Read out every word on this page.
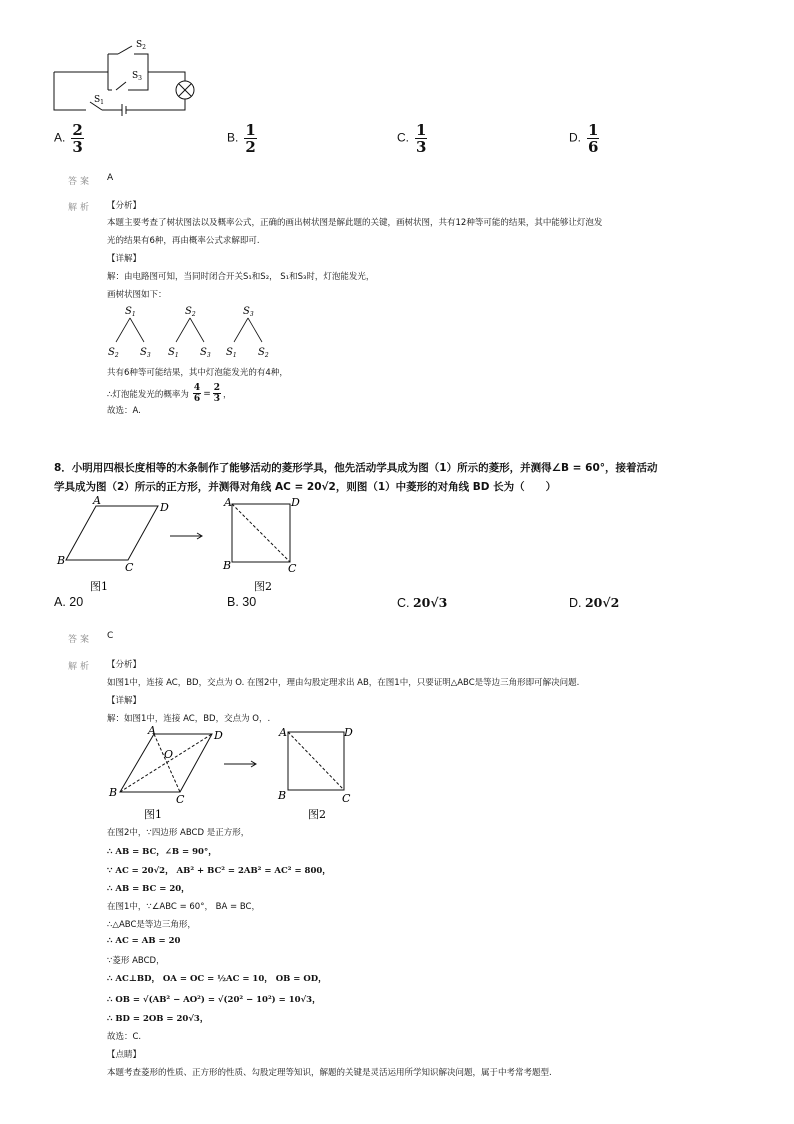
$S_2$
$S_3$
$S_1$
A. $\frac{2}{3}$	B. $\frac{1}{2}$	C. $\frac{1}{3}$	D. $\frac{1}{6}$
答案 A
解析 【分析】
本题主要考查了树状图法以及概率公式，正确的画出树状图是解此题的关键，画树状图，共有12种等可能的结果，其中能够让灯泡发
光的结果有6种，再由概率公式求解即可.
【详解】
解：由电路图可知，当同时闭合开关S₁和S₂， S₁和S₃时，灯泡能发光，
画树状图如下：
$S_1$	$S_2$	$S_3$
$S_2$ $S_3$ $S_1$ $S_3$ $S_1$ $S_2$
共有6种等可能结果，其中灯泡能发光的有4种，
∴灯泡能发光的概率为 $\frac{4}{6} = \frac{2}{3}$ ，
故选：A.
8．小明用四根长度相等的木条制作了能够活动的菱形学具，他先活动学具成为图（1）所示的菱形，并测得∠B = 60°，接着活动
学具成为图（2）所示的正方形，并测得对角线 AC = 20√2，则图（1）中菱形的对角线 BD 长为（　　）
A
D
B
C
A	D
B	C
图1	图2
A. 20	B. 30	C. 20√3	D. 20√2
答案 C
解析 【分析】
如图1中，连接 AC，BD，交点为 O. 在图2中，理由勾股定理求出 AB，在图1中，只要证明△ABC是等边三角形即可解决问题.
【详解】
解：如图1中，连接 AC，BD，交点为 O，.
A	D
O
B
C
A	D
B	C
图1	图2
在图2中，∵四边形 ABCD 是正方形，
∴ AB = BC，∠B = 90°，
∵ AC = 20√2， AB² + BC² = 2AB² = AC² = 800，
∴ AB = BC = 20，
在图1中，∵∠ABC = 60°， BA = BC，
∴△ABC是等边三角形，
∴ AC = AB = 20
∵菱形 ABCD，
∴ AC⊥BD， OA = OC = ½AC = 10， OB = OD，
∴ OB = √(AB² − AO²) = √(20² − 10²) = 10√3，
∴ BD = 2OB = 20√3，
故选：C.
【点睛】
本题考查菱形的性质、正方形的性质、勾股定理等知识，解题的关键是灵活运用所学知识解决问题，属于中考常考题型.
